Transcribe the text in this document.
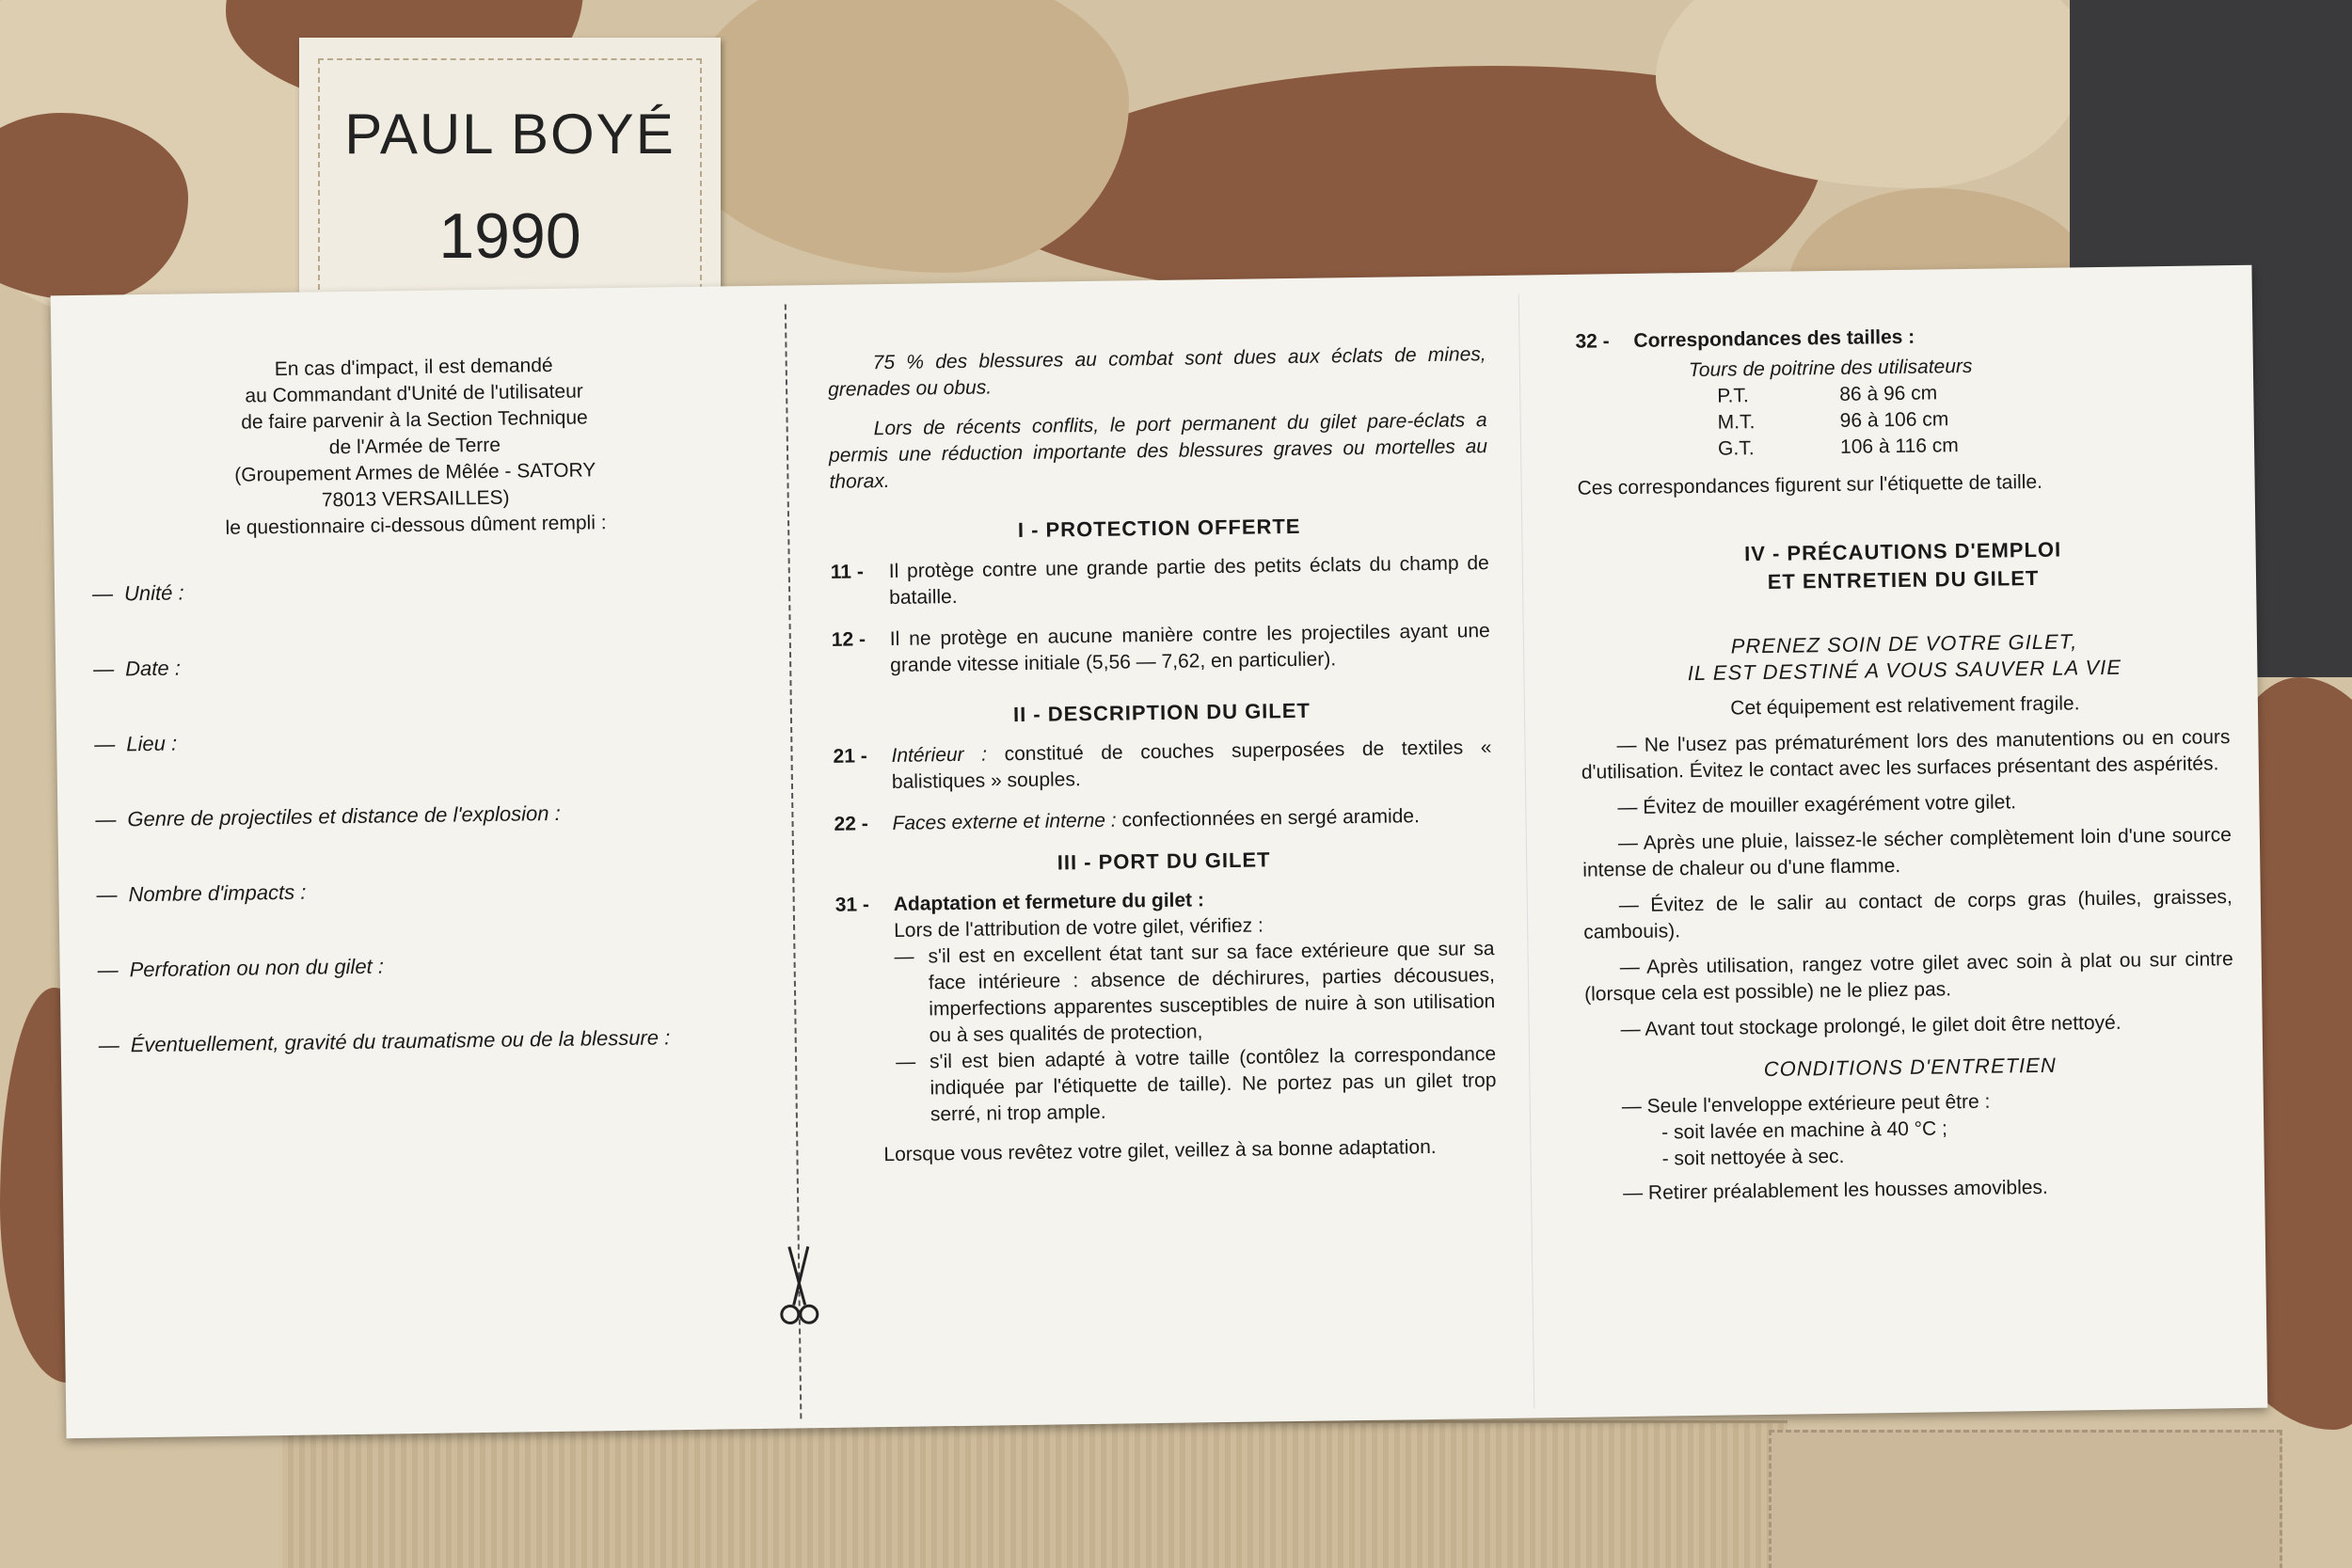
PAUL BOYÉ
1990
En cas d'impact, il est demandé
au Commandant d'Unité de l'utilisateur
de faire parvenir à la Section Technique
de l'Armée de Terre
(Groupement Armes de Mêlée - SATORY
78013 VERSAILLES)
le questionnaire ci-dessous dûment rempli :
— Unité :
— Date :
— Lieu :
— Genre de projectiles et distance de l'explosion :
— Nombre d'impacts :
— Perforation ou non du gilet :
— Éventuellement, gravité du traumatisme ou de la blessure :
75 % des blessures au combat sont dues aux éclats de mines, grenades ou obus.
Lors de récents conflits, le port permanent du gilet pare-éclats a permis une réduction importante des blessures graves ou mortelles au thorax.
I - PROTECTION OFFERTE
11 -	Il protège contre une grande partie des petits éclats du champ de bataille.
12 -	Il ne protège en aucune manière contre les projectiles ayant une grande vitesse initiale (5,56 — 7,62, en particulier).
II - DESCRIPTION DU GILET
21 -	Intérieur : constitué de couches superposées de textiles « balistiques » souples.
22 -	Faces externe et interne : confectionnées en sergé aramide.
III - PORT DU GILET
31 -	Adaptation et fermeture du gilet :
Lors de l'attribution de votre gilet, vérifiez :
— s'il est en excellent état tant sur sa face extérieure que sur sa face intérieure : absence de déchirures, parties décousues, imperfections apparentes susceptibles de nuire à son utilisation ou à ses qualités de protection,
— s'il est bien adapté à votre taille (contôlez la correspondance indiquée par l'étiquette de taille). Ne portez pas un gilet trop serré, ni trop ample.
Lorsque vous revêtez votre gilet, veillez à sa bonne adaptation.
32 -	Correspondances des tailles :
Tours de poitrine des utilisateurs
P.T.	86 à 96 cm
M.T.	96 à 106 cm
G.T.	106 à 116 cm
Ces correspondances figurent sur l'étiquette de taille.
IV - PRÉCAUTIONS D'EMPLOI
ET ENTRETIEN DU GILET
PRENEZ SOIN DE VOTRE GILET,
IL EST DESTINÉ A VOUS SAUVER LA VIE
Cet équipement est relativement fragile.
— Ne l'usez pas prématurément lors des manutentions ou en cours d'utilisation. Évitez le contact avec les surfaces présentant des aspérités.
— Évitez de mouiller exagérément votre gilet.
— Après une pluie, laissez-le sécher complètement loin d'une source intense de chaleur ou d'une flamme.
— Évitez de le salir au contact de corps gras (huiles, graisses, cambouis).
— Après utilisation, rangez votre gilet avec soin à plat ou sur cintre (lorsque cela est possible) ne le pliez pas.
— Avant tout stockage prolongé, le gilet doit être nettoyé.
CONDITIONS D'ENTRETIEN
— Seule l'enveloppe extérieure peut être :
- soit lavée en machine à 40 °C ;
- soit nettoyée à sec.
— Retirer préalablement les housses amovibles.
